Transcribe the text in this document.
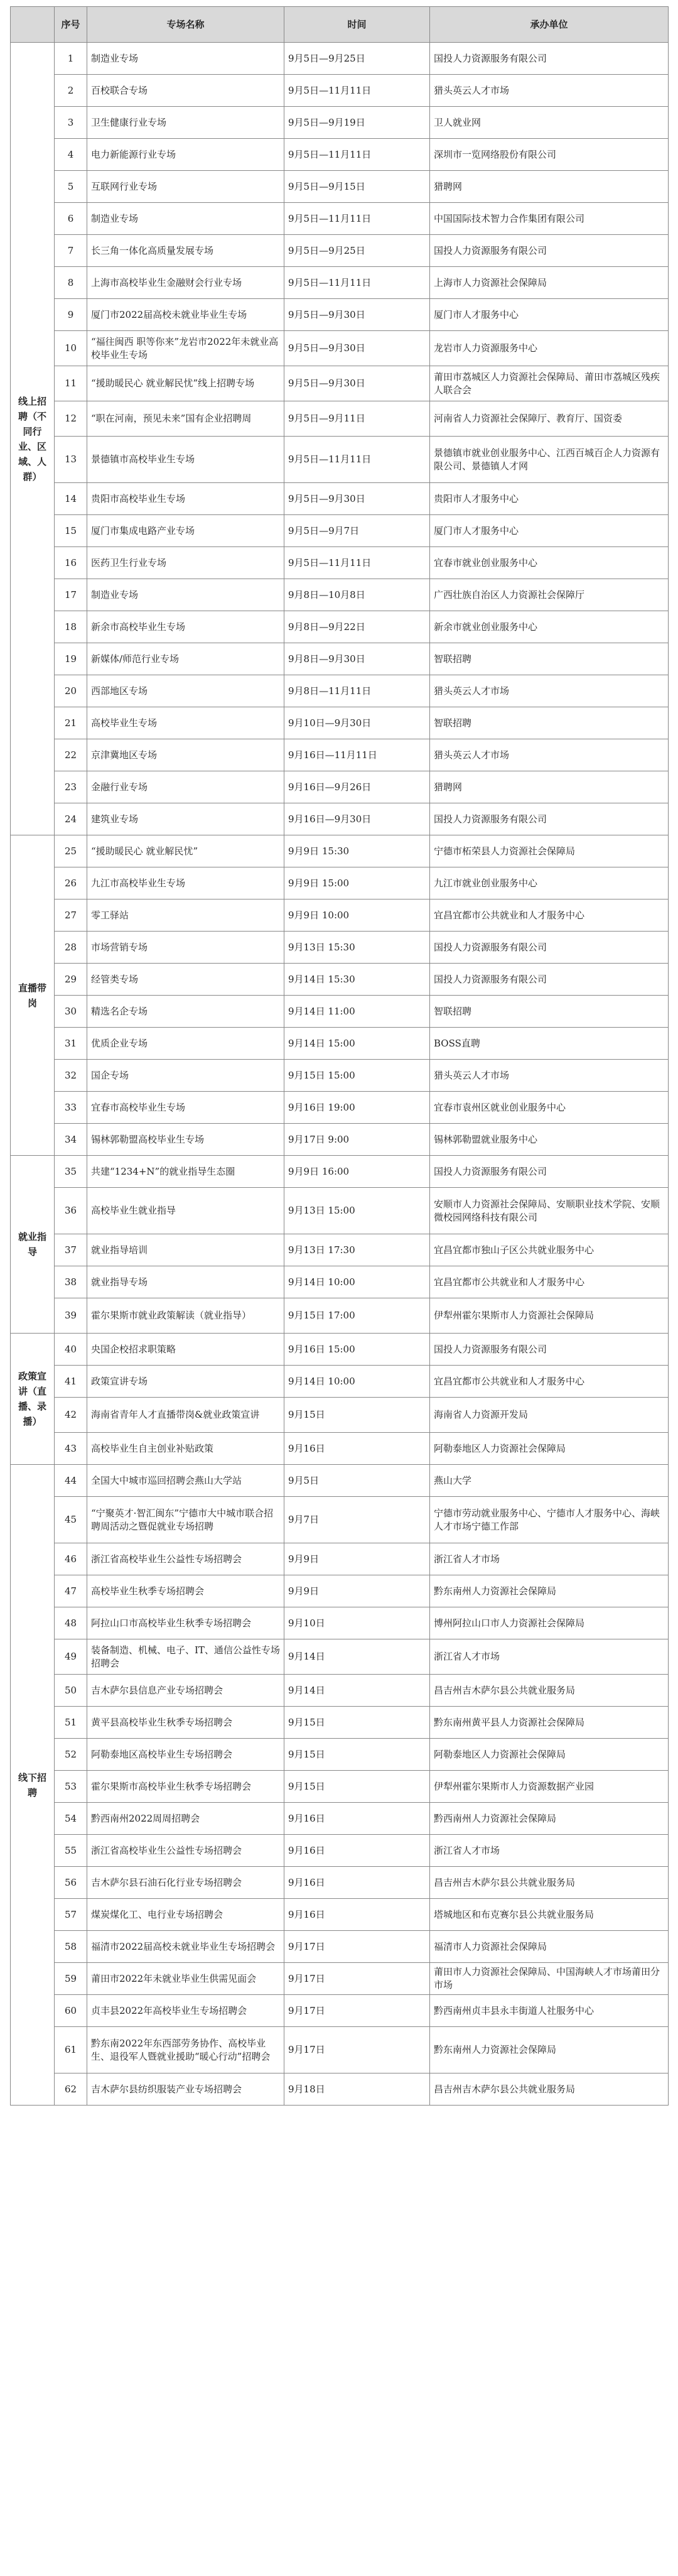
	序号	专场名称	时间	承办单位
线上招聘（不同行业、区域、人群）	1	制造业专场	9月5日—9月25日	国投人力资源服务有限公司
	2	百校联合专场	9月5日—11月11日	猎头英云人才市场
	3	卫生健康行业专场	9月5日—9月19日	卫人就业网
	4	电力新能源行业专场	9月5日—11月11日	深圳市一览网络股份有限公司
	5	互联网行业专场	9月5日—9月15日	猎聘网
	6	制造业专场	9月5日—11月11日	中国国际技术智力合作集团有限公司
	7	长三角一体化高质量发展专场	9月5日—9月25日	国投人力资源服务有限公司
	8	上海市高校毕业生金融财会行业专场	9月5日—11月11日	上海市人力资源社会保障局
	9	厦门市2022届高校未就业毕业生专场	9月5日—9月30日	厦门市人才服务中心
	10	“福往闽西 职等你来”龙岩市2022年未就业高校毕业生专场	9月5日—9月30日	龙岩市人力资源服务中心
	11	“援助暖民心 就业解民忧”线上招聘专场	9月5日—9月30日	莆田市荔城区人力资源社会保障局、莆田市荔城区残疾人联合会
	12	“职在河南，预见未来”国有企业招聘周	9月5日—9月11日	河南省人力资源社会保障厅、教育厅、国资委
	13	景德镇市高校毕业生专场	9月5日—11月11日	景德镇市就业创业服务中心、江西百城百企人力资源有限公司、景德镇人才网
	14	贵阳市高校毕业生专场	9月5日—9月30日	贵阳市人才服务中心
	15	厦门市集成电路产业专场	9月5日—9月7日	厦门市人才服务中心
	16	医药卫生行业专场	9月5日—11月11日	宜春市就业创业服务中心
	17	制造业专场	9月8日—10月8日	广西壮族自治区人力资源社会保障厅
	18	新余市高校毕业生专场	9月8日—9月22日	新余市就业创业服务中心
	19	新媒体/师范行业专场	9月8日—9月30日	智联招聘
	20	西部地区专场	9月8日—11月11日	猎头英云人才市场
	21	高校毕业生专场	9月10日—9月30日	智联招聘
	22	京津冀地区专场	9月16日—11月11日	猎头英云人才市场
	23	金融行业专场	9月16日—9月26日	猎聘网
	24	建筑业专场	9月16日—9月30日	国投人力资源服务有限公司
直播带岗	25	“援助暖民心 就业解民忧”	9月9日 15:30	宁德市柘荣县人力资源社会保障局
	26	九江市高校毕业生专场	9月9日 15:00	九江市就业创业服务中心
	27	零工驿站	9月9日 10:00	宜昌宜都市公共就业和人才服务中心
	28	市场营销专场	9月13日 15:30	国投人力资源服务有限公司
	29	经管类专场	9月14日 15:30	国投人力资源服务有限公司
	30	精选名企专场	9月14日 11:00	智联招聘
	31	优质企业专场	9月14日 15:00	BOSS直聘
	32	国企专场	9月15日 15:00	猎头英云人才市场
	33	宜春市高校毕业生专场	9月16日 19:00	宜春市袁州区就业创业服务中心
	34	锡林郭勒盟高校毕业生专场	9月17日 9:00	锡林郭勒盟就业服务中心
就业指导	35	共建“1234+N”的就业指导生态圈	9月9日 16:00	国投人力资源服务有限公司
	36	高校毕业生就业指导	9月13日 15:00	安顺市人力资源社会保障局、安顺职业技术学院、安顺微校园网络科技有限公司
	37	就业指导培训	9月13日 17:30	宜昌宜都市独山子区公共就业服务中心
	38	就业指导专场	9月14日 10:00	宜昌宜都市公共就业和人才服务中心
	39	霍尔果斯市就业政策解读（就业指导）	9月15日 17:00	伊犁州霍尔果斯市人力资源社会保障局
政策宣讲（直播、录播）	40	央国企校招求职策略	9月16日 15:00	国投人力资源服务有限公司
	41	政策宣讲专场	9月14日 10:00	宜昌宜都市公共就业和人才服务中心
	42	海南省青年人才直播带岗&就业政策宣讲	9月15日	海南省人力资源开发局
	43	高校毕业生自主创业补贴政策	9月16日	阿勒泰地区人力资源社会保障局
线下招聘	44	全国大中城市巡回招聘会燕山大学站	9月5日	燕山大学
	45	“宁聚英才·智汇闽东”宁德市大中城市联合招聘周活动之暨促就业专场招聘	9月7日	宁德市劳动就业服务中心、宁德市人才服务中心、海峡人才市场宁德工作部
	46	浙江省高校毕业生公益性专场招聘会	9月9日	浙江省人才市场
	47	高校毕业生秋季专场招聘会	9月9日	黔东南州人力资源社会保障局
	48	阿拉山口市高校毕业生秋季专场招聘会	9月10日	博州阿拉山口市人力资源社会保障局
	49	装备制造、机械、电子、IT、通信公益性专场招聘会	9月14日	浙江省人才市场
	50	吉木萨尔县信息产业专场招聘会	9月14日	昌吉州吉木萨尔县公共就业服务局
	51	黄平县高校毕业生秋季专场招聘会	9月15日	黔东南州黄平县人力资源社会保障局
	52	阿勒泰地区高校毕业生专场招聘会	9月15日	阿勒泰地区人力资源社会保障局
	53	霍尔果斯市高校毕业生秋季专场招聘会	9月15日	伊犁州霍尔果斯市人力资源数据产业园
	54	黔西南州2022周周招聘会	9月16日	黔西南州人力资源社会保障局
	55	浙江省高校毕业生公益性专场招聘会	9月16日	浙江省人才市场
	56	吉木萨尔县石油石化行业专场招聘会	9月16日	昌吉州吉木萨尔县公共就业服务局
	57	煤炭煤化工、电行业专场招聘会	9月16日	塔城地区和布克赛尔县公共就业服务局
	58	福清市2022届高校未就业毕业生专场招聘会	9月17日	福清市人力资源社会保障局
	59	莆田市2022年未就业毕业生供需见面会	9月17日	莆田市人力资源社会保障局、中国海峡人才市场莆田分市场
	60	贞丰县2022年高校毕业生专场招聘会	9月17日	黔西南州贞丰县永丰街道人社服务中心
	61	黔东南2022年东西部劳务协作、高校毕业生、退役军人暨就业援助“暖心行动”招聘会	9月17日	黔东南州人力资源社会保障局
	62	吉木萨尔县纺织服装产业专场招聘会	9月18日	昌吉州吉木萨尔县公共就业服务局
